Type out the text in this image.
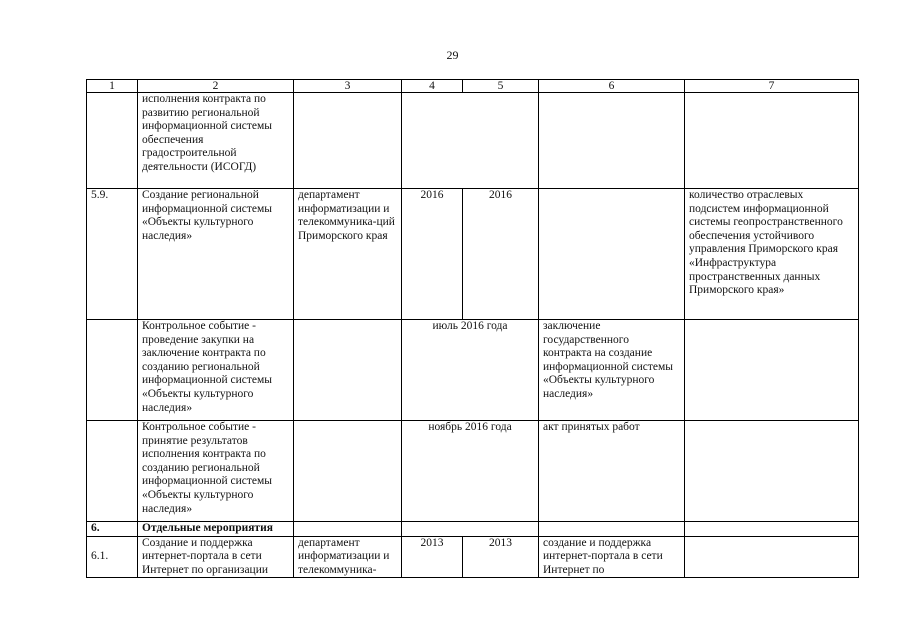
29
1	2	3	4	5	6	7
	исполнения контракта по развитию региональной информационной системы обеспечения градостроительной деятельности (ИСОГД)					
5.9.	Создание региональной информационной системы «Объекты культурного наследия»	департамент информатизации и телекоммуника-ций Приморского края	2016	2016		количество отраслевых подсистем информационной системы геопространственного обеспечения устойчивого управления Приморского края «Инфраструктура пространственных данных Приморского края»
	Контрольное событие - проведение закупки на заключение контракта по созданию региональной информационной системы «Объекты культурного наследия»		июль 2016 года		заключение государственного контракта на создание информационной системы «Объекты культурного наследия»	
	Контрольное событие - принятие результатов исполнения контракта по созданию региональной информационной системы «Объекты культурного наследия»		ноябрь 2016 года		акт принятых работ	
6.	Отдельные мероприятия					
6.1.	Создание и поддержка интернет-портала в сети Интернет по организации	департамент информатизации и телекоммуника-	2013	2013	создание и поддержка интернет-портала в сети Интернет по	
